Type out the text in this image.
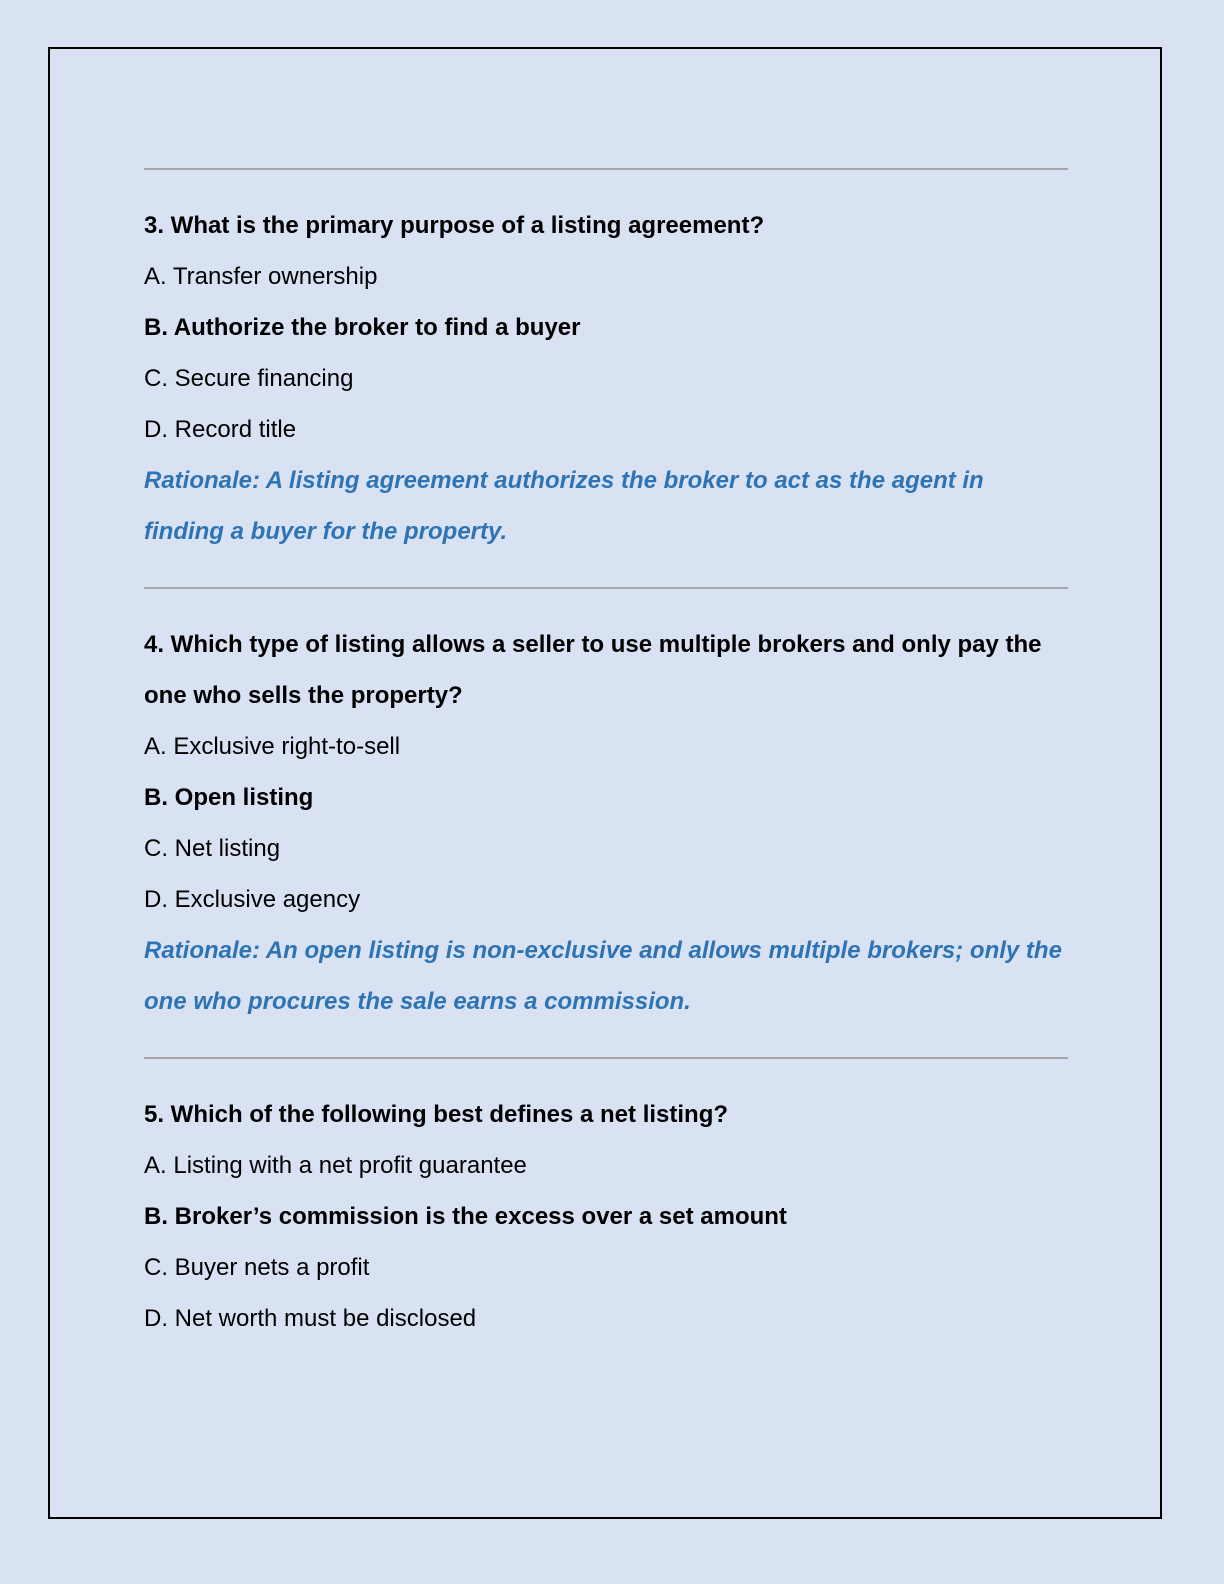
3. What is the primary purpose of a listing agreement?
A. Transfer ownership
B. Authorize the broker to find a buyer
C. Secure financing
D. Record title
Rationale: A listing agreement authorizes the broker to act as the agent in finding a buyer for the property.
4. Which type of listing allows a seller to use multiple brokers and only pay the one who sells the property?
A. Exclusive right-to-sell
B. Open listing
C. Net listing
D. Exclusive agency
Rationale: An open listing is non-exclusive and allows multiple brokers; only the one who procures the sale earns a commission.
5. Which of the following best defines a net listing?
A. Listing with a net profit guarantee
B. Broker’s commission is the excess over a set amount
C. Buyer nets a profit
D. Net worth must be disclosed
